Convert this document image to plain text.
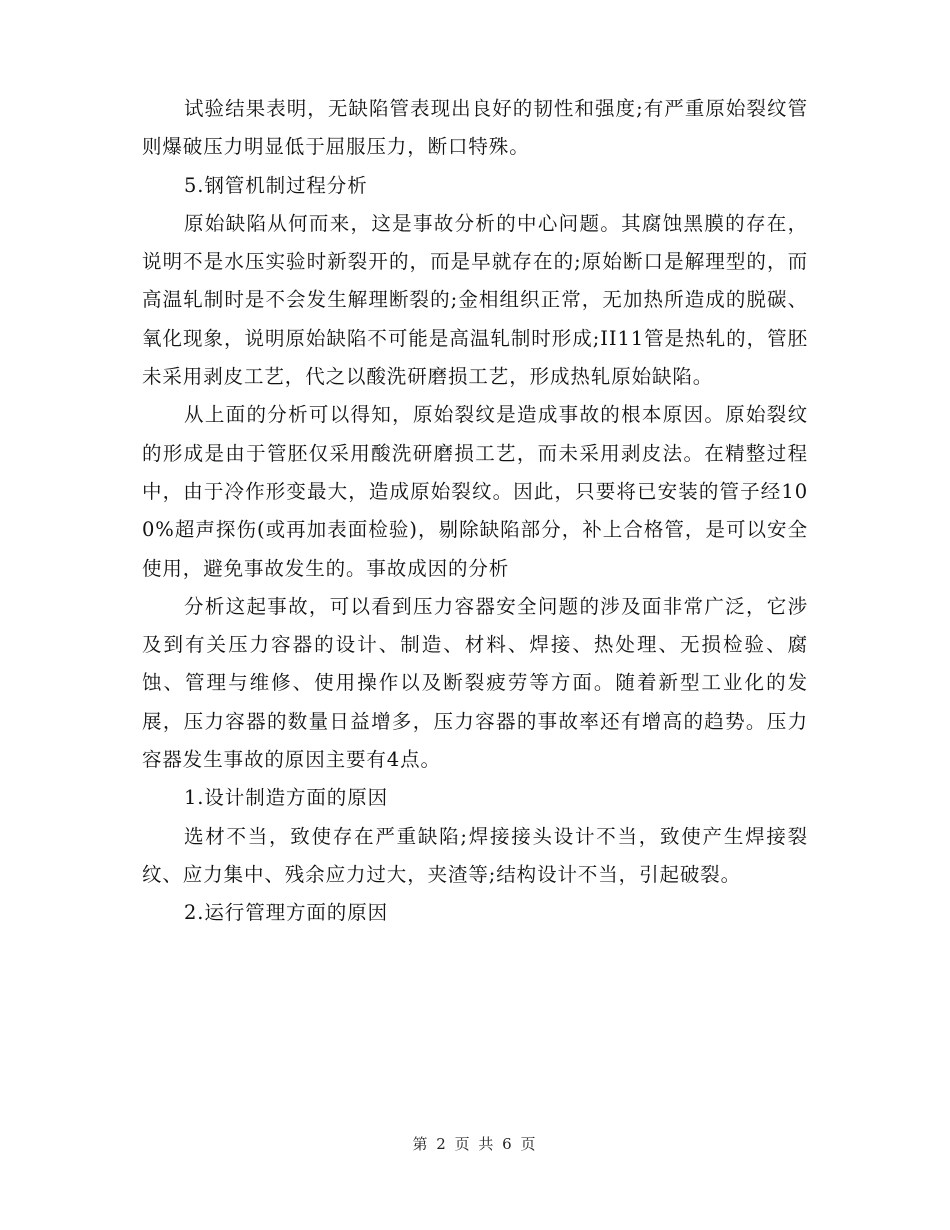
试验结果表明，无缺陷管表现出良好的韧性和强度;有严重原始裂纹管则爆破压力明显低于屈服压力，断口特殊。

5.钢管机制过程分析

原始缺陷从何而来，这是事故分析的中心问题。其腐蚀黑膜的存在，说明不是水压实验时新裂开的，而是早就存在的;原始断口是解理型的，而高温轧制时是不会发生解理断裂的;金相组织正常，无加热所造成的脱碳、氧化现象，说明原始缺陷不可能是高温轧制时形成;II11管是热轧的，管胚未采用剥皮工艺，代之以酸洗研磨损工艺，形成热轧原始缺陷。

从上面的分析可以得知，原始裂纹是造成事故的根本原因。原始裂纹的形成是由于管胚仅采用酸洗研磨损工艺，而未采用剥皮法。在精整过程中，由于冷作形变最大，造成原始裂纹。因此，只要将已安装的管子经100%超声探伤(或再加表面检验)，剔除缺陷部分，补上合格管，是可以安全使用，避免事故发生的。事故成因的分析

分析这起事故，可以看到压力容器安全问题的涉及面非常广泛，它涉及到有关压力容器的设计、制造、材料、焊接、热处理、无损检验、腐蚀、管理与维修、使用操作以及断裂疲劳等方面。随着新型工业化的发展，压力容器的数量日益增多，压力容器的事故率还有增高的趋势。压力容器发生事故的原因主要有4点。

1.设计制造方面的原因

选材不当，致使存在严重缺陷;焊接接头设计不当，致使产生焊接裂纹、应力集中、残余应力过大，夹渣等;结构设计不当，引起破裂。

2.运行管理方面的原因

第 2 页 共 6 页
